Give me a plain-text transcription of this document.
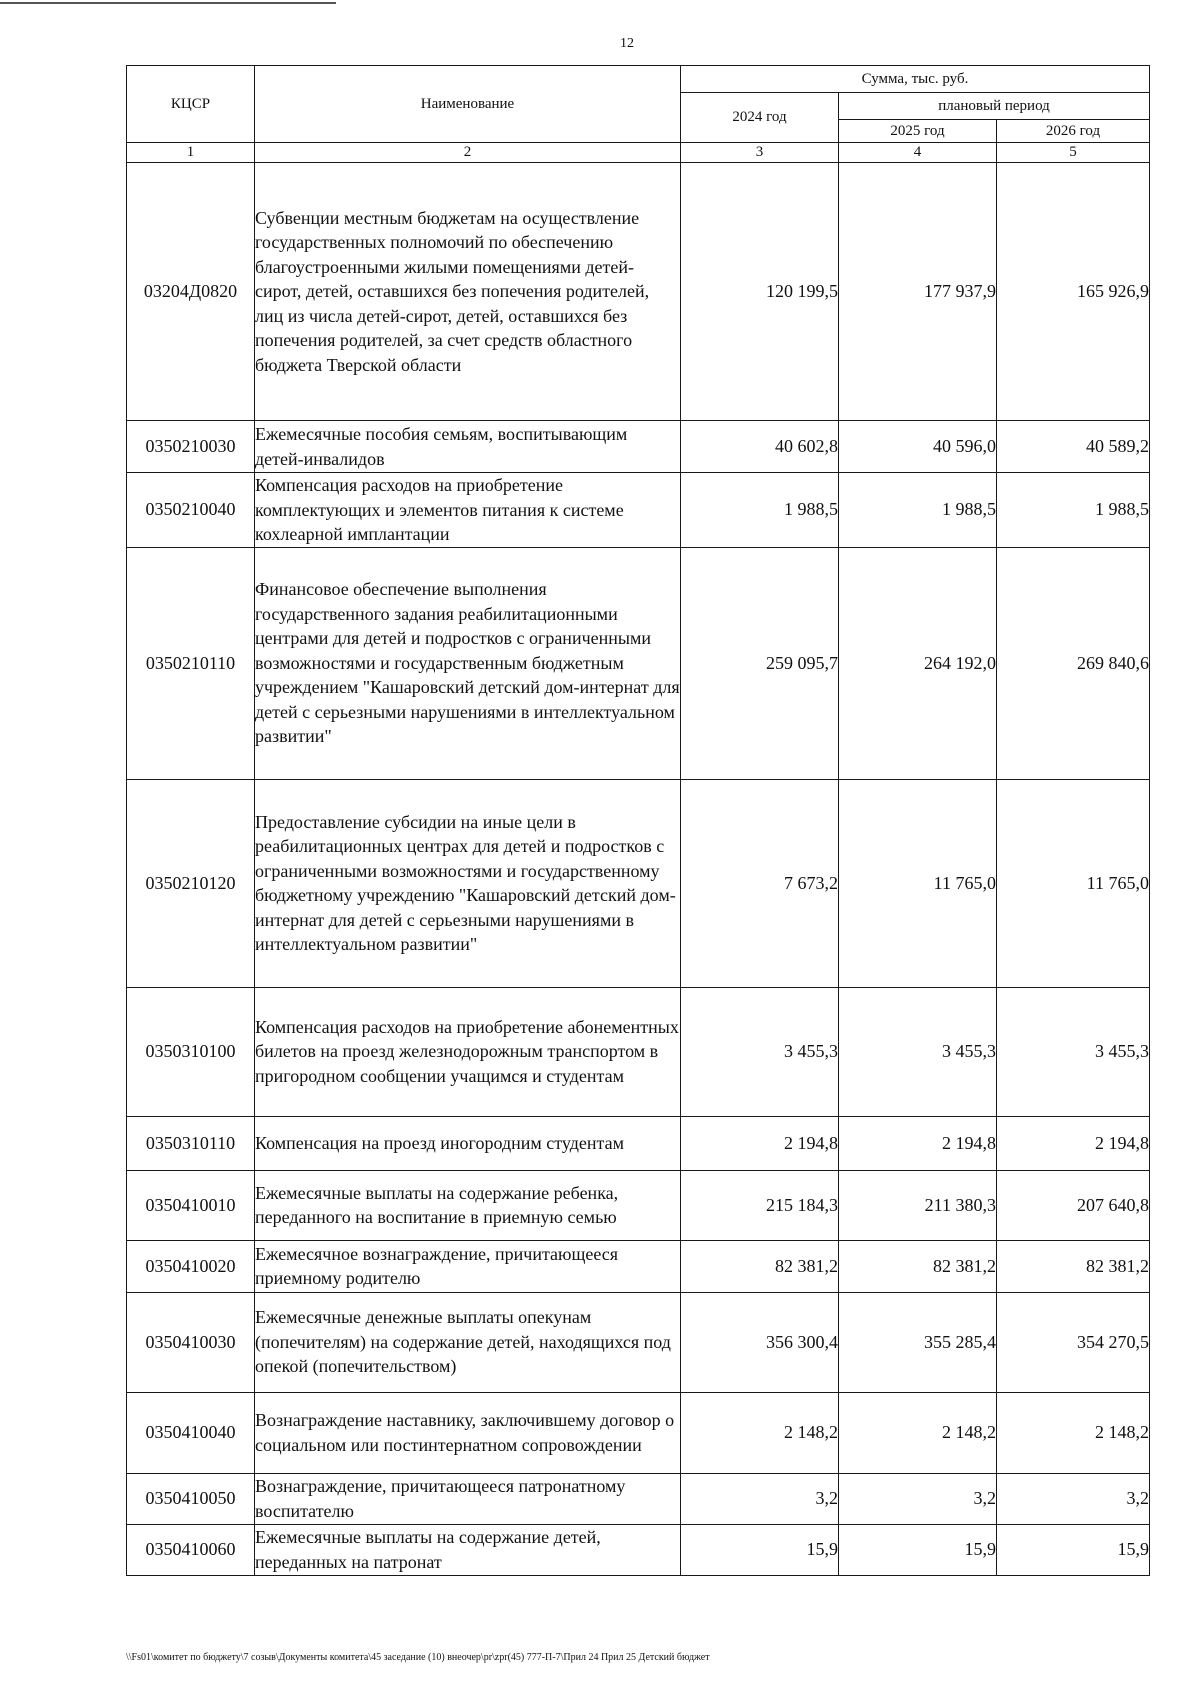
12
КЦСР	Наименование	Сумма, тыс. руб.		
		2024 год	плановый период	
			2025 год	2026 год
1	2	3	4	5
03204Д0820	Субвенции местным бюджетам на осуществление государственных полномочий по обеспечению благоустроенными жилыми помещениями детей-сирот, детей, оставшихся без попечения родителей, лиц из числа детей-сирот, детей, оставшихся без попечения родителей, за счет средств областного бюджета Тверской области	120 199,5	177 937,9	165 926,9
0350210030	Ежемесячные пособия семьям, воспитывающим детей-инвалидов	40 602,8	40 596,0	40 589,2
0350210040	Компенсация расходов на приобретение комплектующих и элементов питания к системе кохлеарной имплантации	1 988,5	1 988,5	1 988,5
0350210110	Финансовое обеспечение выполнения государственного задания реабилитационными центрами для детей и подростков с ограниченными возможностями и государственным бюджетным учреждением "Кашаровский детский дом-интернат для детей с серьезными нарушениями в интеллектуальном развитии"	259 095,7	264 192,0	269 840,6
0350210120	Предоставление субсидии на иные цели в реабилитационных центрах для детей и подростков с ограниченными возможностями и государственному бюджетному учреждению "Кашаровский детский дом-интернат для детей с серьезными нарушениями в интеллектуальном развитии"	7 673,2	11 765,0	11 765,0
0350310100	Компенсация расходов на приобретение абонементных билетов на проезд железнодорожным транспортом в пригородном сообщении учащимся и студентам	3 455,3	3 455,3	3 455,3
0350310110	Компенсация на проезд иногородним студентам	2 194,8	2 194,8	2 194,8
0350410010	Ежемесячные выплаты на содержание ребенка, переданного на воспитание в приемную семью	215 184,3	211 380,3	207 640,8
0350410020	Ежемесячное вознаграждение, причитающееся приемному родителю	82 381,2	82 381,2	82 381,2
0350410030	Ежемесячные денежные выплаты опекунам (попечителям) на содержание детей, находящихся под опекой (попечительством)	356 300,4	355 285,4	354 270,5
0350410040	Вознаграждение наставнику, заключившему договор о социальном или постинтернатном сопровождении	2 148,2	2 148,2	2 148,2
0350410050	Вознаграждение, причитающееся патронатному воспитателю	3,2	3,2	3,2
0350410060	Ежемесячные выплаты на содержание детей, переданных на патронат	15,9	15,9	15,9
\\Fs01\комитет по бюджету\7 созыв\Документы комитета\45 заседание (10) внеочер\pr\zpr(45) 777-П-7\Прил 24 Прил 25 Детский бюджет
